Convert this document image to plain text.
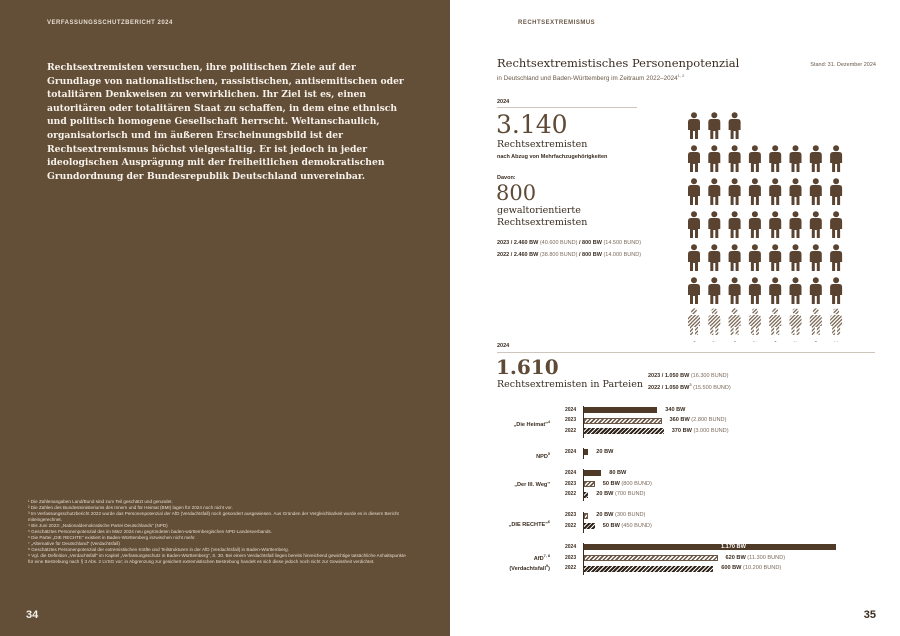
VERFASSUNGSSCHUTZBERICHT 2024
Rechtsextremisten versuchen, ihre politischen Ziele auf der Grundlage von nationalistischen, rassistischen, antisemitischen oder totalitären Denkweisen zu verwirklichen. Ihr Ziel ist es, einen autoritären oder totalitären Staat zu schaffen, in dem eine ethnisch und politisch homogene Gesellschaft herrscht. Weltanschaulich, organisatorisch und im äußeren Erscheinungsbild ist der Rechtsextremismus höchst vielgestaltig. Er ist jedoch in jeder ideologischen Ausprägung mit der freiheitlichen demokratischen Grundordnung der Bundesrepublik Deutschland unvereinbar.
¹ Die Zahlenangaben Land/Bund sind zum Teil geschätzt und gerundet.
² Die Zahlen des Bundesministeriums des Innern und für Heimat (BMI) lagen für 2024 noch nicht vor.
³ Im Verfassungsschutzbericht 2022 wurde das Personenpotenzial der AfD (Verdachtsfall) noch gesondert ausgewiesen. Aus Gründen der Vergleichbarkeit wurde es in diesem Bericht miteingerechnet.
⁴ Bis Juni 2023: „Nationaldemokratische Partei Deutschlands" (NPD)
⁵ Geschätztes Personenpotenzial des im März 2024 neu gegründeten baden-württembergischen NPD-Landesverbands.
⁶ Die Partei „DIE RECHTE" existiert in Baden-Württemberg inzwischen nicht mehr.
⁷ „Alternative für Deutschland" (Verdachtsfall)
⁸ Geschätztes Personenpotenzial der extremistischen Kräfte und Teilstrukturen in der AfD (Verdachtsfall) in Baden-Württemberg.
⁹ Vgl. die Definition „Verdachtsfall" im Kapitel „Verfassungsschutz in Baden-Württemberg", S. 30. Bei einem Verdachtsfall liegen bereits hinreichend gewichtige tatsächliche Anhaltspunkte für eine Bestrebung nach § 3 Abs. 2 LVSG vor; in Abgrenzung zur gesichert extremistischen Bestrebung handelt es sich diese jedoch noch nicht zur Gewissheit verdichtet.
34
RECHTSEXTREMISMUS
Rechtsextremistisches Personenpotenzial
in Deutschland und Baden-Württemberg im Zeitraum 2022–2024$^{1, 2}$
Stand: 31. Dezember 2024
2024
3.140
Rechtsextremisten
nach Abzug von Mehrfachzugehörigkeiten
Davon:
800
gewaltorientierte
Rechtsextremisten
2023 / 2.460 BW (40.600 BUND) / 800 BW (14.500 BUND)
2022 / 2.460 BW (38.800 BUND) / 800 BW (14.000 BUND)
2024
1.610
Rechtsextremisten in Parteien
2023 / 1.050 BW (16.300 BUND)
2022 / 1.050 $BW^3$ (15.500 BUND)
„Die Heimat"$^4$
2024	340 BW
2023	360 BW (2.800 BUND)
2022	370 BW (3.000 BUND)
NPD$^5$	2024	20 BW
„Der III. Weg"
2024	80 BW
2023	50 BW (800 BUND)
2022	20 BW (700 BUND)
„DIE RECHTE"$^6$
2023	20 BW (300 BUND)
2022	50 BW (450 BUND)
AfD$^{7, 8}$
(Verdachtsfall$^9$)
2024	1.170 BW
2023	620 BW (11.300 BUND)
2022	600 BW (10.200 BUND)
35
